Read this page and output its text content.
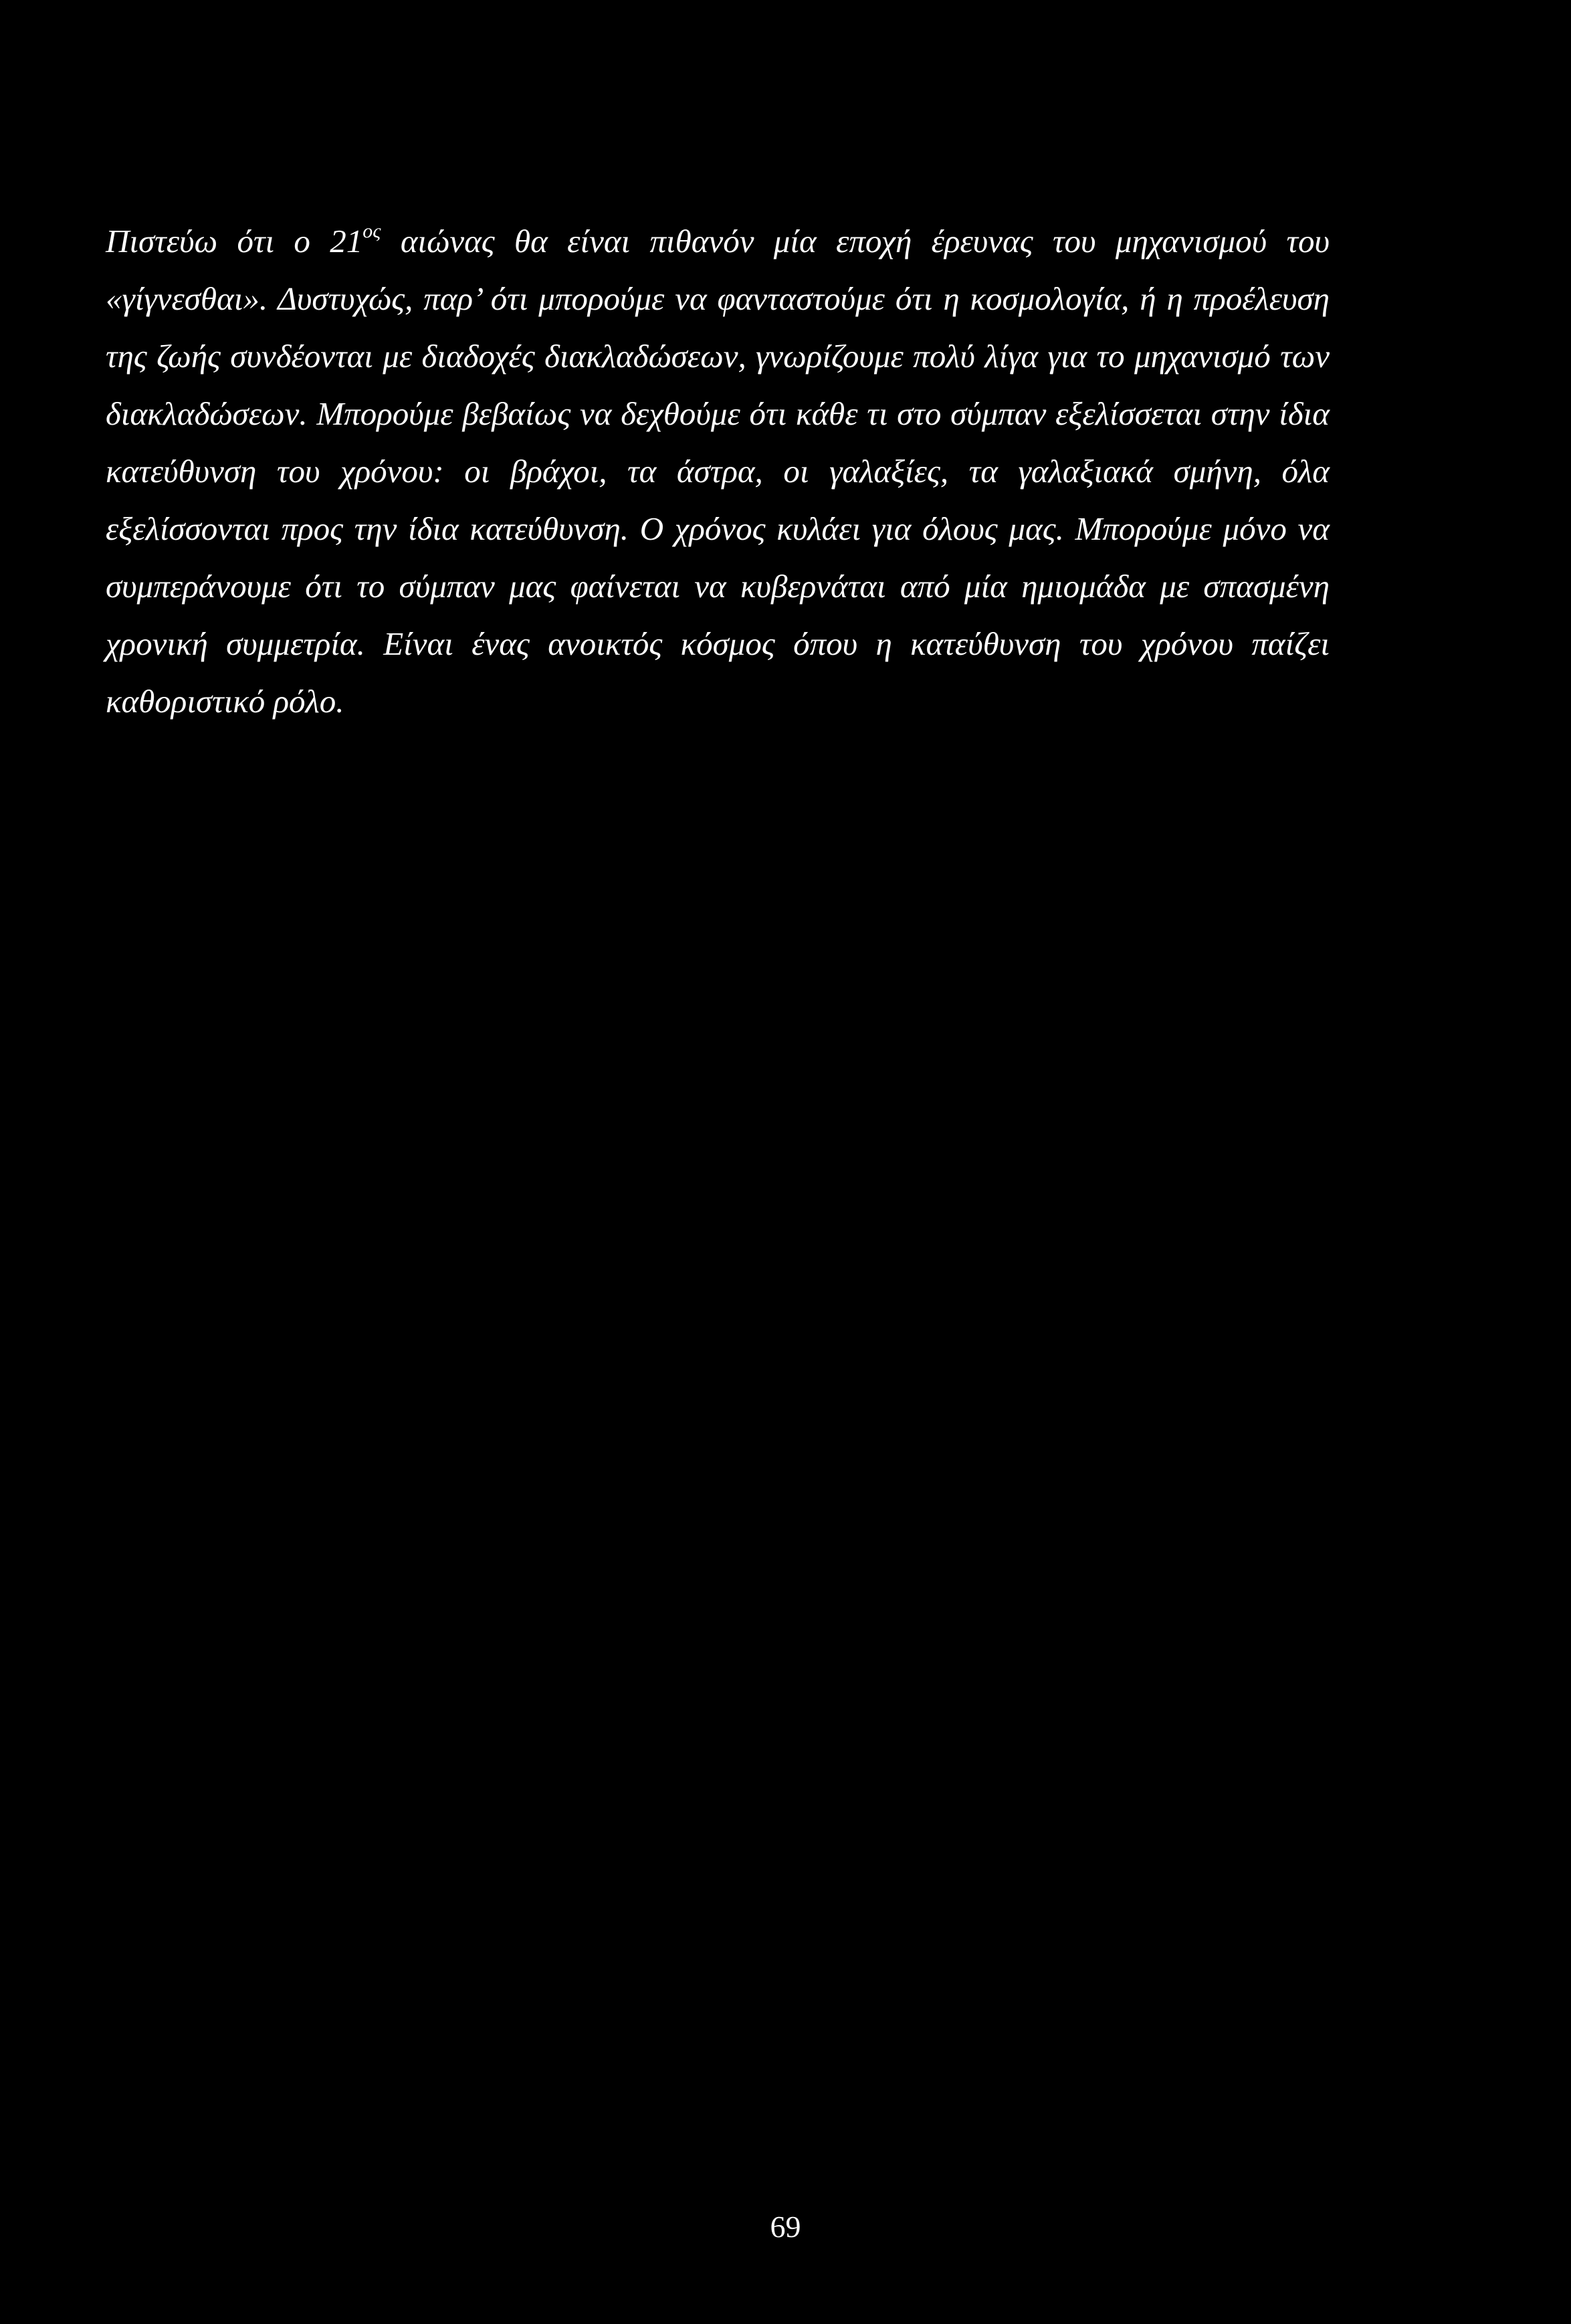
Πιστεύω ότι ο $21^{o\varsigma}$ αιώνας θα είναι πιθανόν μία εποχή έρευνας του μηχανισμού του «γίγνεσθαι». Δυστυχώς, παρ’ ότι μπορούμε να φανταστούμε ότι η κοσμολογία, ή η προέλευση της ζωής συνδέονται με διαδοχές διακλαδώσεων, γνωρίζουμε πολύ λίγα για το μηχανισμό των διακλαδώσεων. Μπορούμε βεβαίως να δεχθούμε ότι κάθε τι στο σύμπαν εξελίσσεται στην ίδια κατεύθυνση του χρόνου: οι βράχοι, τα άστρα, οι γαλαξίες, τα γαλαξιακά σμήνη, όλα εξελίσσονται προς την ίδια κατεύθυνση. Ο χρόνος κυλάει για όλους μας. Μπορούμε μόνο να συμπεράνουμε ότι το σύμπαν μας φαίνεται να κυβερνάται από μία ημιομάδα με σπασμένη χρονική συμμετρία. Είναι ένας ανοικτός κόσμος όπου η κατεύθυνση του χρόνου παίζει καθοριστικό ρόλο.

69
